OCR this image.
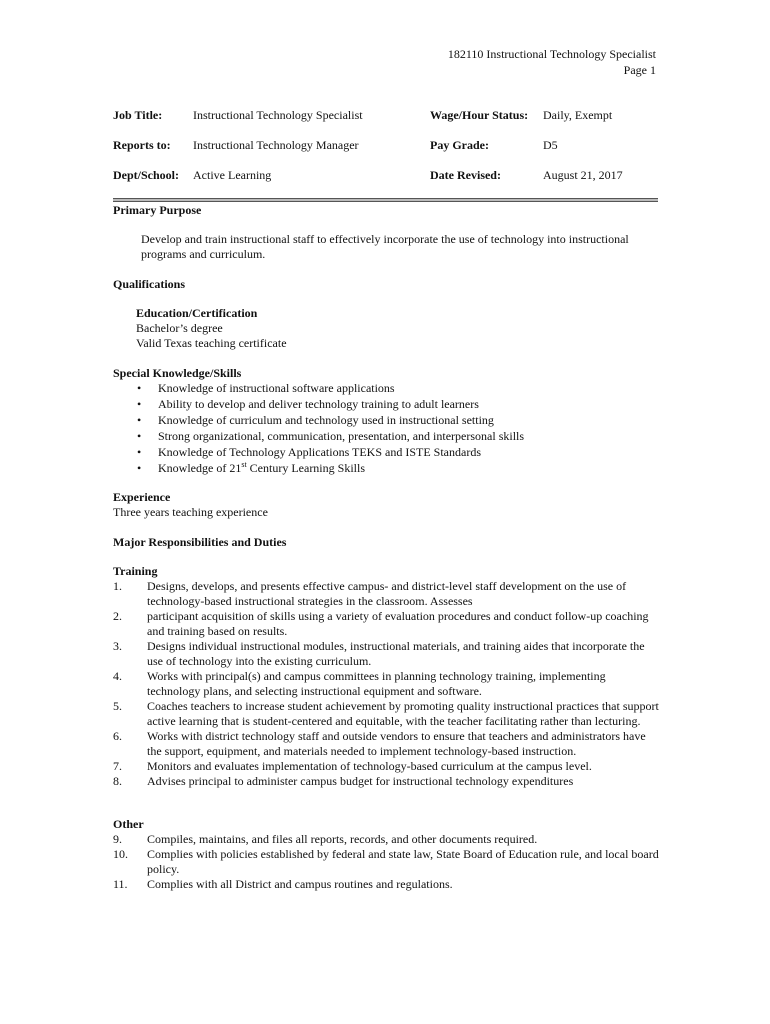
182110 Instructional Technology Specialist
Page 1
Job Title:	Instructional Technology Specialist	Wage/Hour Status: Daily, Exempt
Reports to: Instructional Technology Manager	Pay Grade:	D5
Dept/School: Active Learning	Date Revised:	August 21, 2017
Primary Purpose
Develop and train instructional staff to effectively incorporate the use of technology into instructional programs and curriculum.
Qualifications
Education/Certification
Bachelor’s degree
Valid Texas teaching certificate
Special Knowledge/Skills
• Knowledge of instructional software applications
• Ability to develop and deliver technology training to adult learners
• Knowledge of curriculum and technology used in instructional setting
• Strong organizational, communication, presentation, and interpersonal skills
• Knowledge of Technology Applications TEKS and ISTE Standards
• Knowledge of 21st Century Learning Skills
Experience
Three years teaching experience
Major Responsibilities and Duties
Training
1. Designs, develops, and presents effective campus- and district-level staff development on the use of technology-based instructional strategies in the classroom. Assesses
2. participant acquisition of skills using a variety of evaluation procedures and conduct follow-up coaching and training based on results.
3. Designs individual instructional modules, instructional materials, and training aides that incorporate the use of technology into the existing curriculum.
4. Works with principal(s) and campus committees in planning technology training, implementing technology plans, and selecting instructional equipment and software.
5. Coaches teachers to increase student achievement by promoting quality instructional practices that support active learning that is student-centered and equitable, with the teacher facilitating rather than lecturing.
6. Works with district technology staff and outside vendors to ensure that teachers and administrators have the support, equipment, and materials needed to implement technology-based instruction.
7. Monitors and evaluates implementation of technology-based curriculum at the campus level.
8. Advises principal to administer campus budget for instructional technology expenditures
Other
9. Compiles, maintains, and files all reports, records, and other documents required.
10. Complies with policies established by federal and state law, State Board of Education rule, and local board policy.
11. Complies with all District and campus routines and regulations.
